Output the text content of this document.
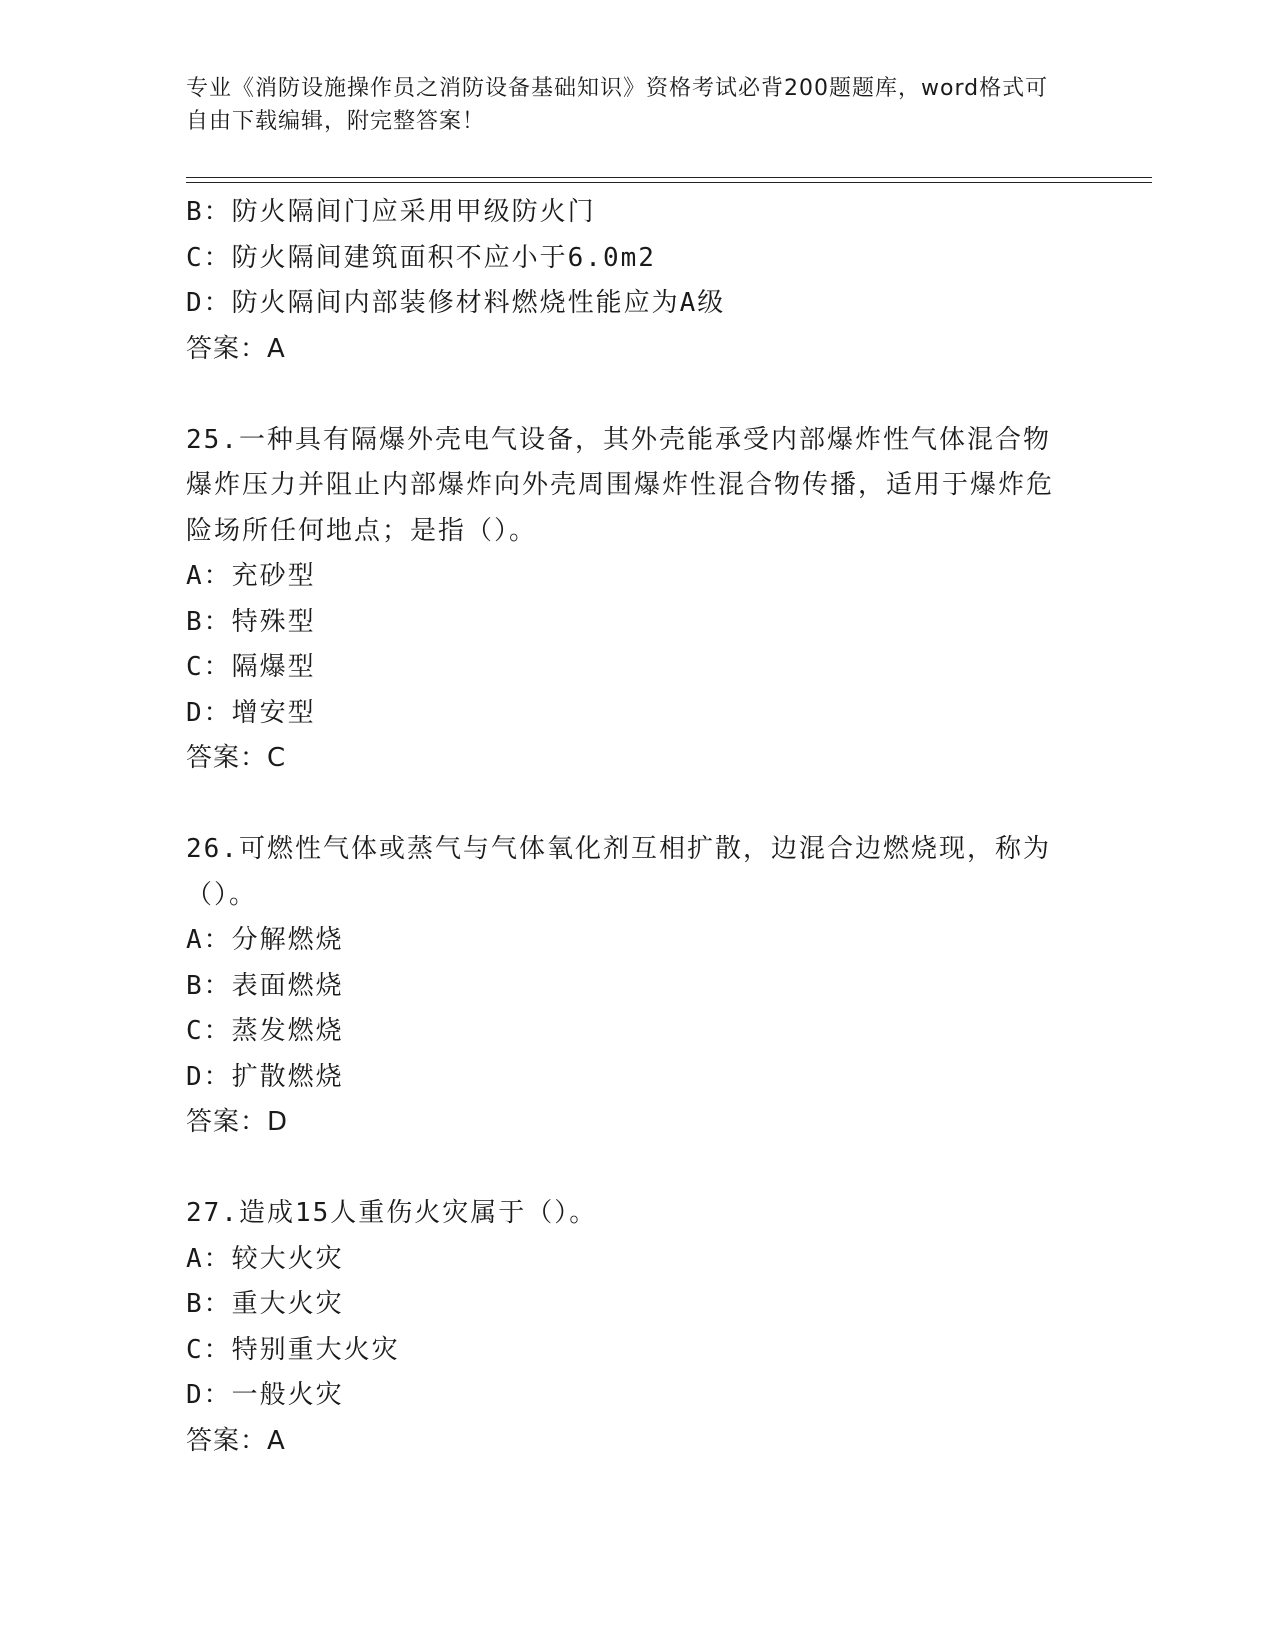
专业《消防设施操作员之消防设备基础知识》资格考试必背200题题库，word格式可自由下载编辑，附完整答案！
B：防火隔间门应采用甲级防火门
C：防火隔间建筑面积不应小于6.0m2
D：防火隔间内部装修材料燃烧性能应为A级
答案：A
25.一种具有隔爆外壳电气设备，其外壳能承受内部爆炸性气体混合物爆炸压力并阻止内部爆炸向外壳周围爆炸性混合物传播，适用于爆炸危险场所任何地点；是指（）。
A：充砂型
B：特殊型
C：隔爆型
D：增安型
答案：C
26.可燃性气体或蒸气与气体氧化剂互相扩散，边混合边燃烧现，称为（）。
A：分解燃烧
B：表面燃烧
C：蒸发燃烧
D：扩散燃烧
答案：D
27.造成15人重伤火灾属于（）。
A：较大火灾
B：重大火灾
C：特别重大火灾
D：一般火灾
答案：A
